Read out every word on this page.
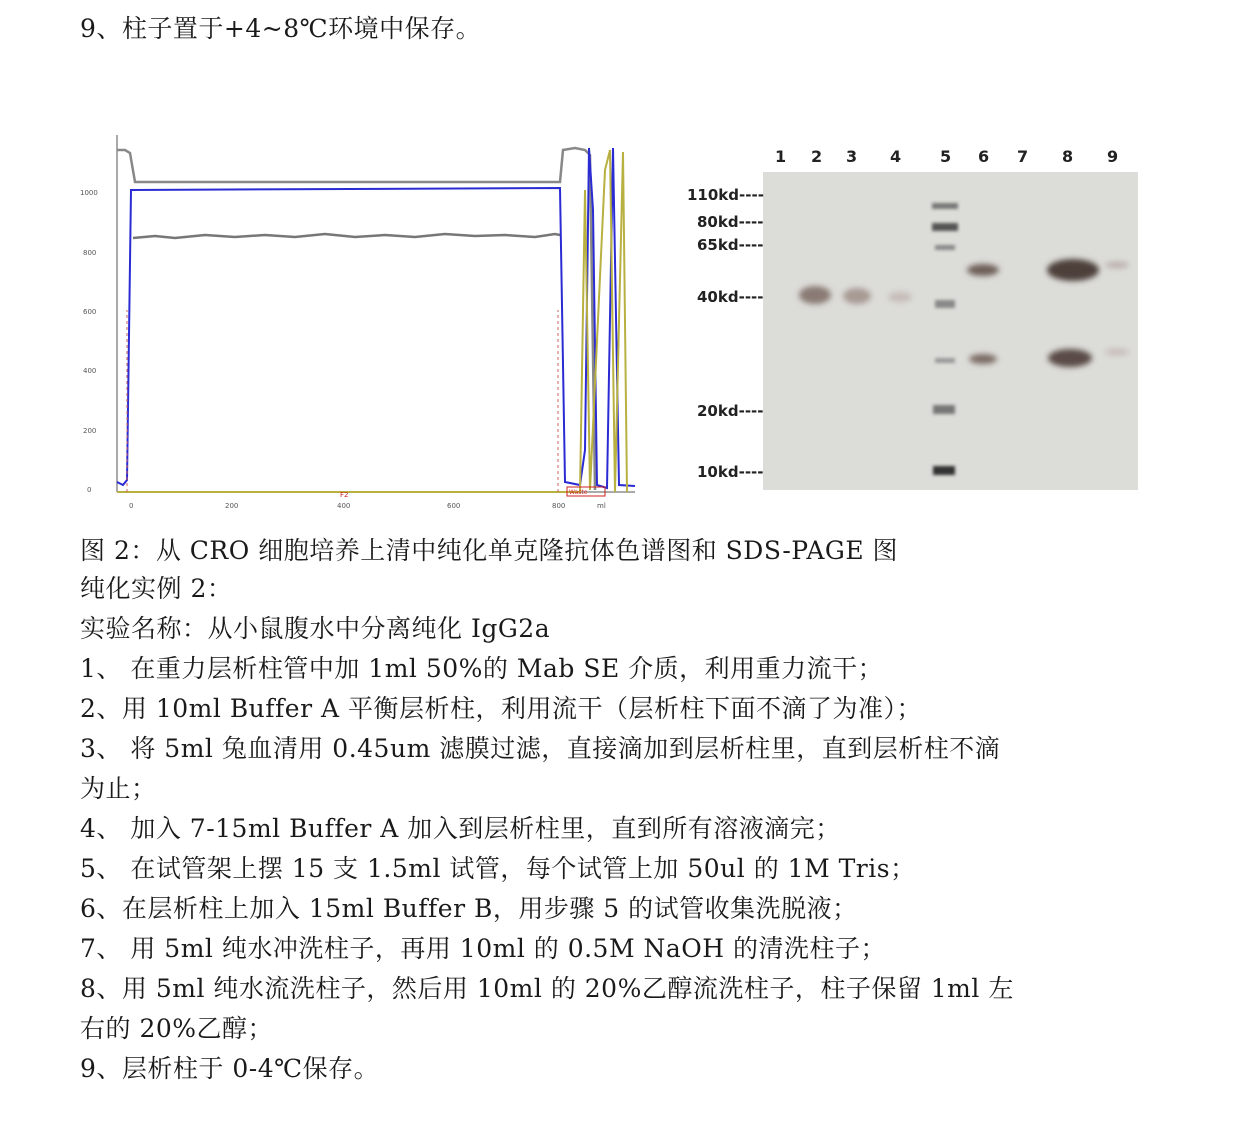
9、柱子置于+4~8℃环境中保存。
1000
800
600
400
200
0
0	200	400	600	800	ml
F2	Waste
1 2 3 4 5 6 7 8 9
110kd----
80kd----
65kd----
40kd----
20kd----
10kd----
图 2：从 CRO 细胞培养上清中纯化单克隆抗体色谱图和 SDS-PAGE 图
纯化实例 2：
实验名称：从小鼠腹水中分离纯化 IgG2a
1、 在重力层析柱管中加 1ml 50%的 Mab SE 介质，利用重力流干；
2、用 10ml Buffer A 平衡层析柱，利用流干（层析柱下面不滴了为准）；
3、 将 5ml 兔血清用 0.45um 滤膜过滤，直接滴加到层析柱里，直到层析柱不滴
为止；
4、 加入 7-15ml Buffer A 加入到层析柱里，直到所有溶液滴完；
5、 在试管架上摆 15 支 1.5ml 试管，每个试管上加 50ul 的 1M Tris；
6、在层析柱上加入 15ml Buffer B，用步骤 5 的试管收集洗脱液；
7、 用 5ml 纯水冲洗柱子，再用 10ml 的 0.5M NaOH 的清洗柱子；
8、用 5ml 纯水流洗柱子，然后用 10ml 的 20%乙醇流洗柱子，柱子保留 1ml 左
右的 20%乙醇；
9、层析柱于 0-4℃保存。
